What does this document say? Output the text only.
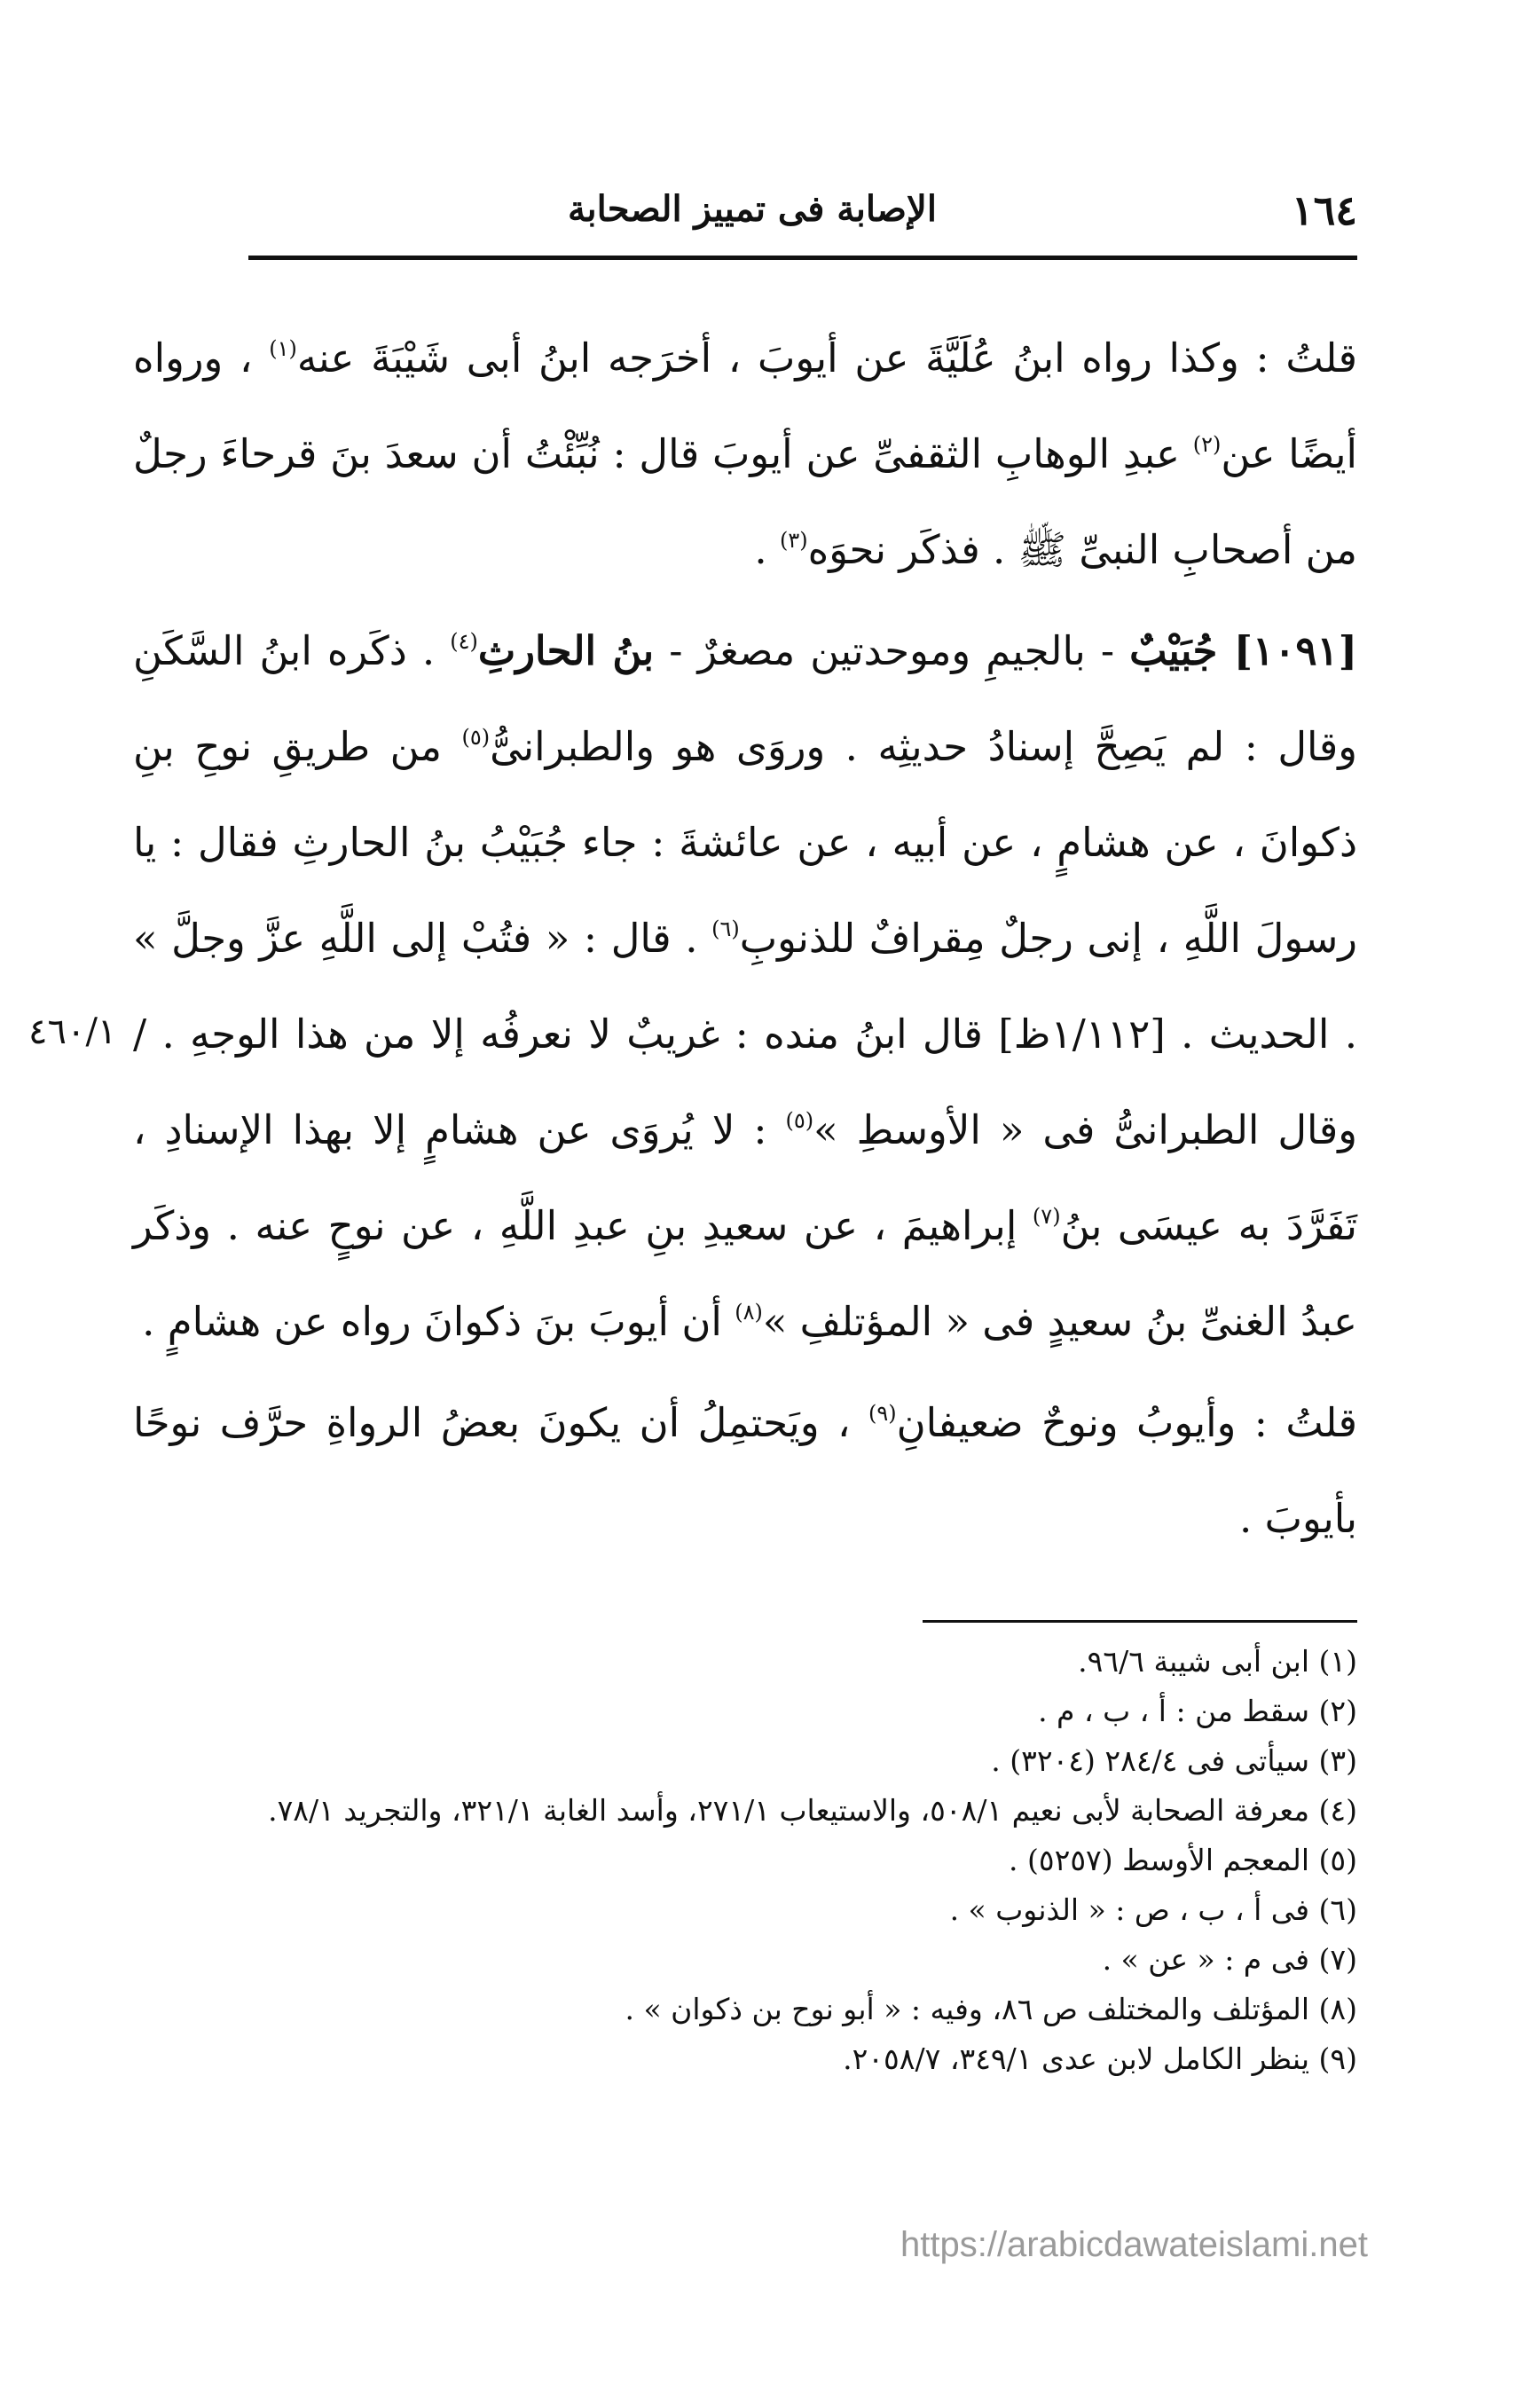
١٦٤
الإصابة فى تمييز الصحابة

قلتُ : وكذا رواه ابنُ عُلَيَّةَ عن أيوبَ ، أخرَجه ابنُ أبى شَيْبَةَ عنه$^{(١)}$ ، ورواه أيضًا عن$^{(٢)}$ عبدِ الوهابِ الثقفىِّ عن أيوبَ قال : نُبِّئْتُ أن سعدَ بنَ قرحاءَ رجلٌ من أصحابِ النبىِّ ﷺ . فذكَر نحوَه$^{(٣)}$ .

[١٠٩١] جُبَيْبٌ - بالجيمِ وموحدتين مصغرٌ - بنُ الحارثِ$^{(٤)}$ . ذكَره ابنُ السَّكَنِ وقال : لم يَصِحَّ إسنادُ حديثِه . وروَى هو والطبرانىُّ$^{(٥)}$ من طريقِ نوحِ بنِ ذكوانَ ، عن هشامٍ ، عن أبيه ، عن عائشةَ : جاء جُبَيْبُ بنُ الحارثِ فقال : يا رسولَ اللَّهِ ، إنى رجلٌ مِقرافٌ للذنوبِ$^{(٦)}$ . قال : « فتُبْ إلى اللَّهِ عزَّ وجلَّ » . الحديث . [١/١١٢ظ] قال ابنُ منده : غريبٌ لا نعرفُه إلا من هذا الوجهِ . /وقال الطبرانىُّ فى « الأوسطِ »$^{(٥)}$ : لا يُروَى عن هشامٍ إلا بهذا الإسنادِ ، تَفَرَّدَ به عيسَى بنُ$^{(٧)}$ إبراهيمَ ، عن سعيدِ بنِ عبدِ اللَّهِ ، عن نوحٍ عنه . وذكَر عبدُ الغنىِّ بنُ سعيدٍ فى « المؤتلفِ »$^{(٨)}$ أن أيوبَ بنَ ذكوانَ رواه عن هشامٍ .

قلتُ : وأيوبُ ونوحٌ ضعيفانِ$^{(٩)}$ ، ويَحتمِلُ أن يكونَ بعضُ الرواةِ حرَّف نوحًا بأيوبَ .

٤٦٠/١

(١) ابن أبى شيبة ٩٦/٦.

(٢) سقط من : أ ، ب ، م .

(٣) سيأتى فى ٢٨٤/٤ (٣٢٠٤) .

(٤) معرفة الصحابة لأبى نعيم ٥٠٨/١، والاستيعاب ٢٧١/١، وأسد الغابة ٣٢١/١، والتجريد ٧٨/١.

(٥) المعجم الأوسط (٥٢٥٧) .

(٦) فى أ ، ب ، ص : « الذنوب » .

(٧) فى م : « عن » .

(٨) المؤتلف والمختلف ص ٨٦، وفيه : « أبو نوح بن ذكوان » .

(٩) ينظر الكامل لابن عدى ٣٤٩/١، ٢٠٥٨/٧.

https://arabicdawateislami.net
